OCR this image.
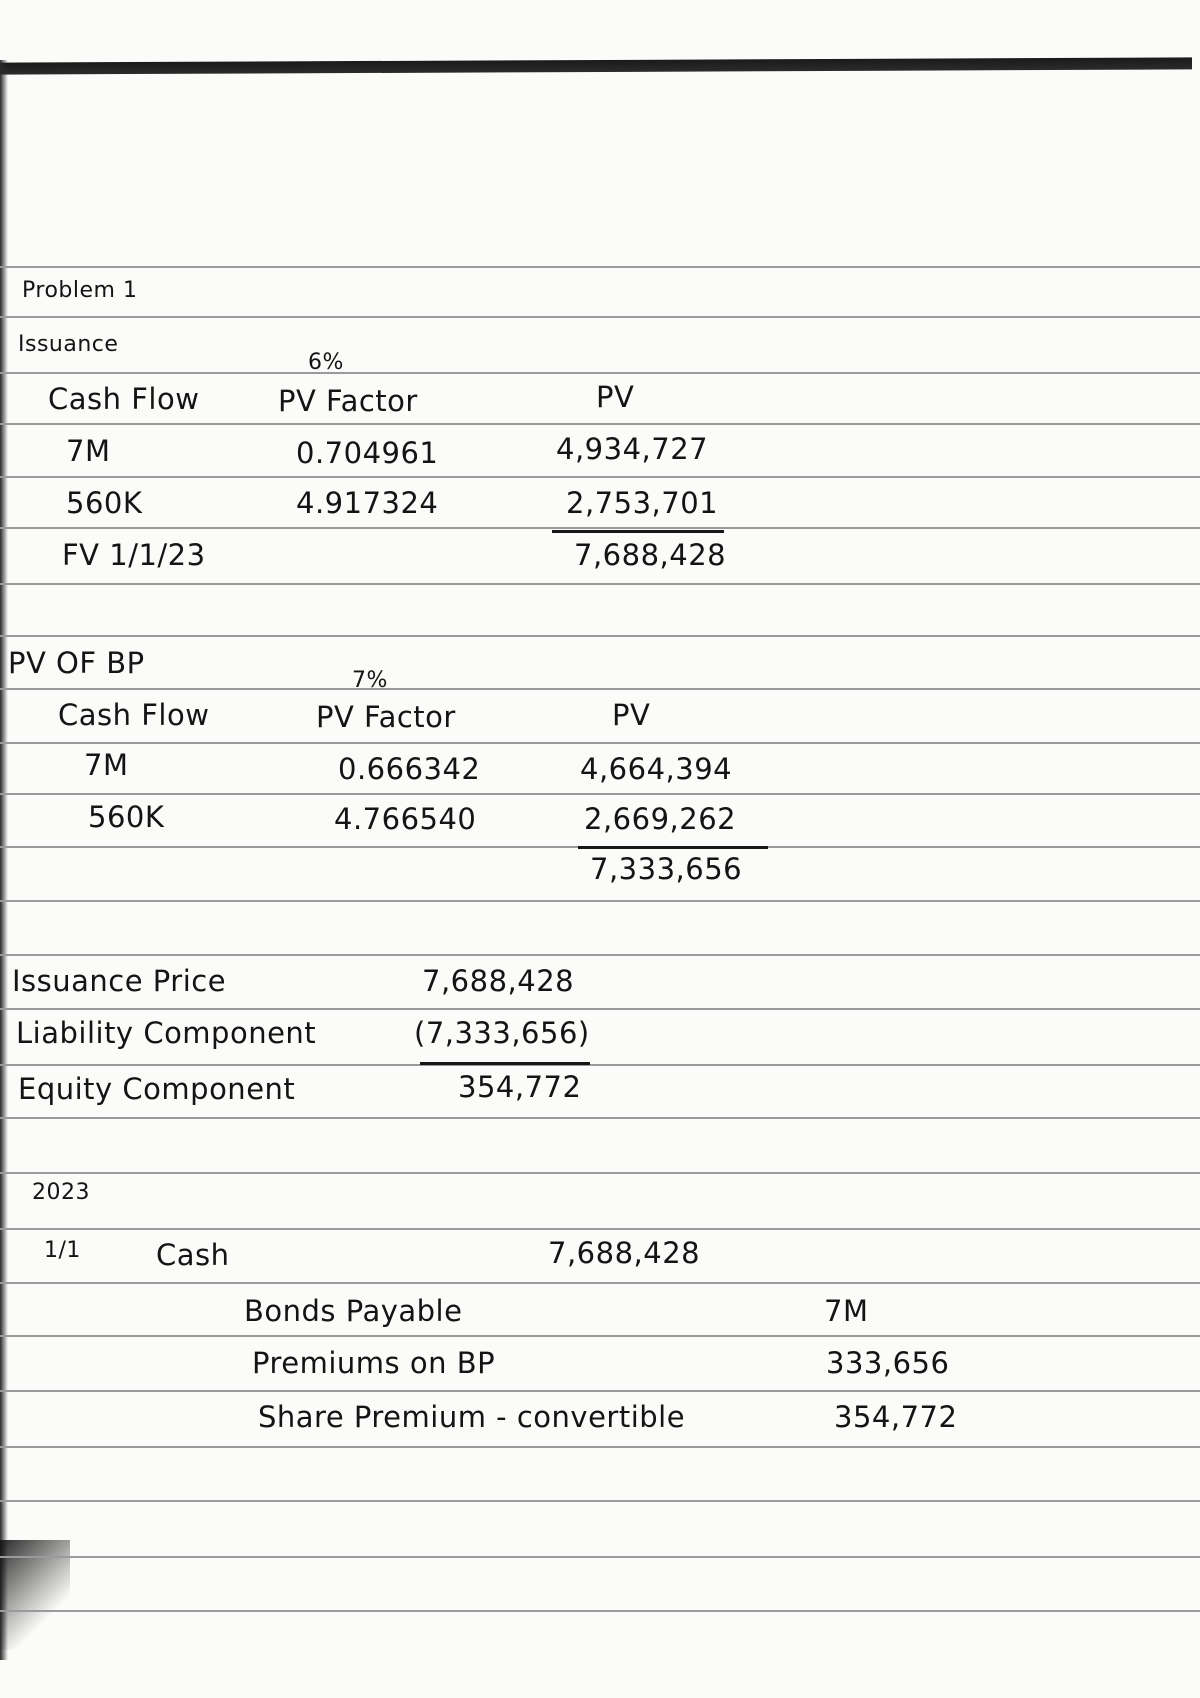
Problem 1
Issuance
6%
Cash Flow	PV Factor	PV
7M	0.704961	4,934,727
560K	4.917324	2,753,701
FV 1/1/23	7,688,428
PV OF BP
7%
Cash Flow	PV Factor	PV
7M	0.666342	4,664,394
560K	4.766540	2,669,262
7,333,656
Issuance Price	7,688,428
Liability Component	(7,333,656)
Equity Component	354,772
2023
1/1	Cash	7,688,428
Bonds Payable	7M
Premiums on BP	333,656
Share Premium - convertible	354,772
